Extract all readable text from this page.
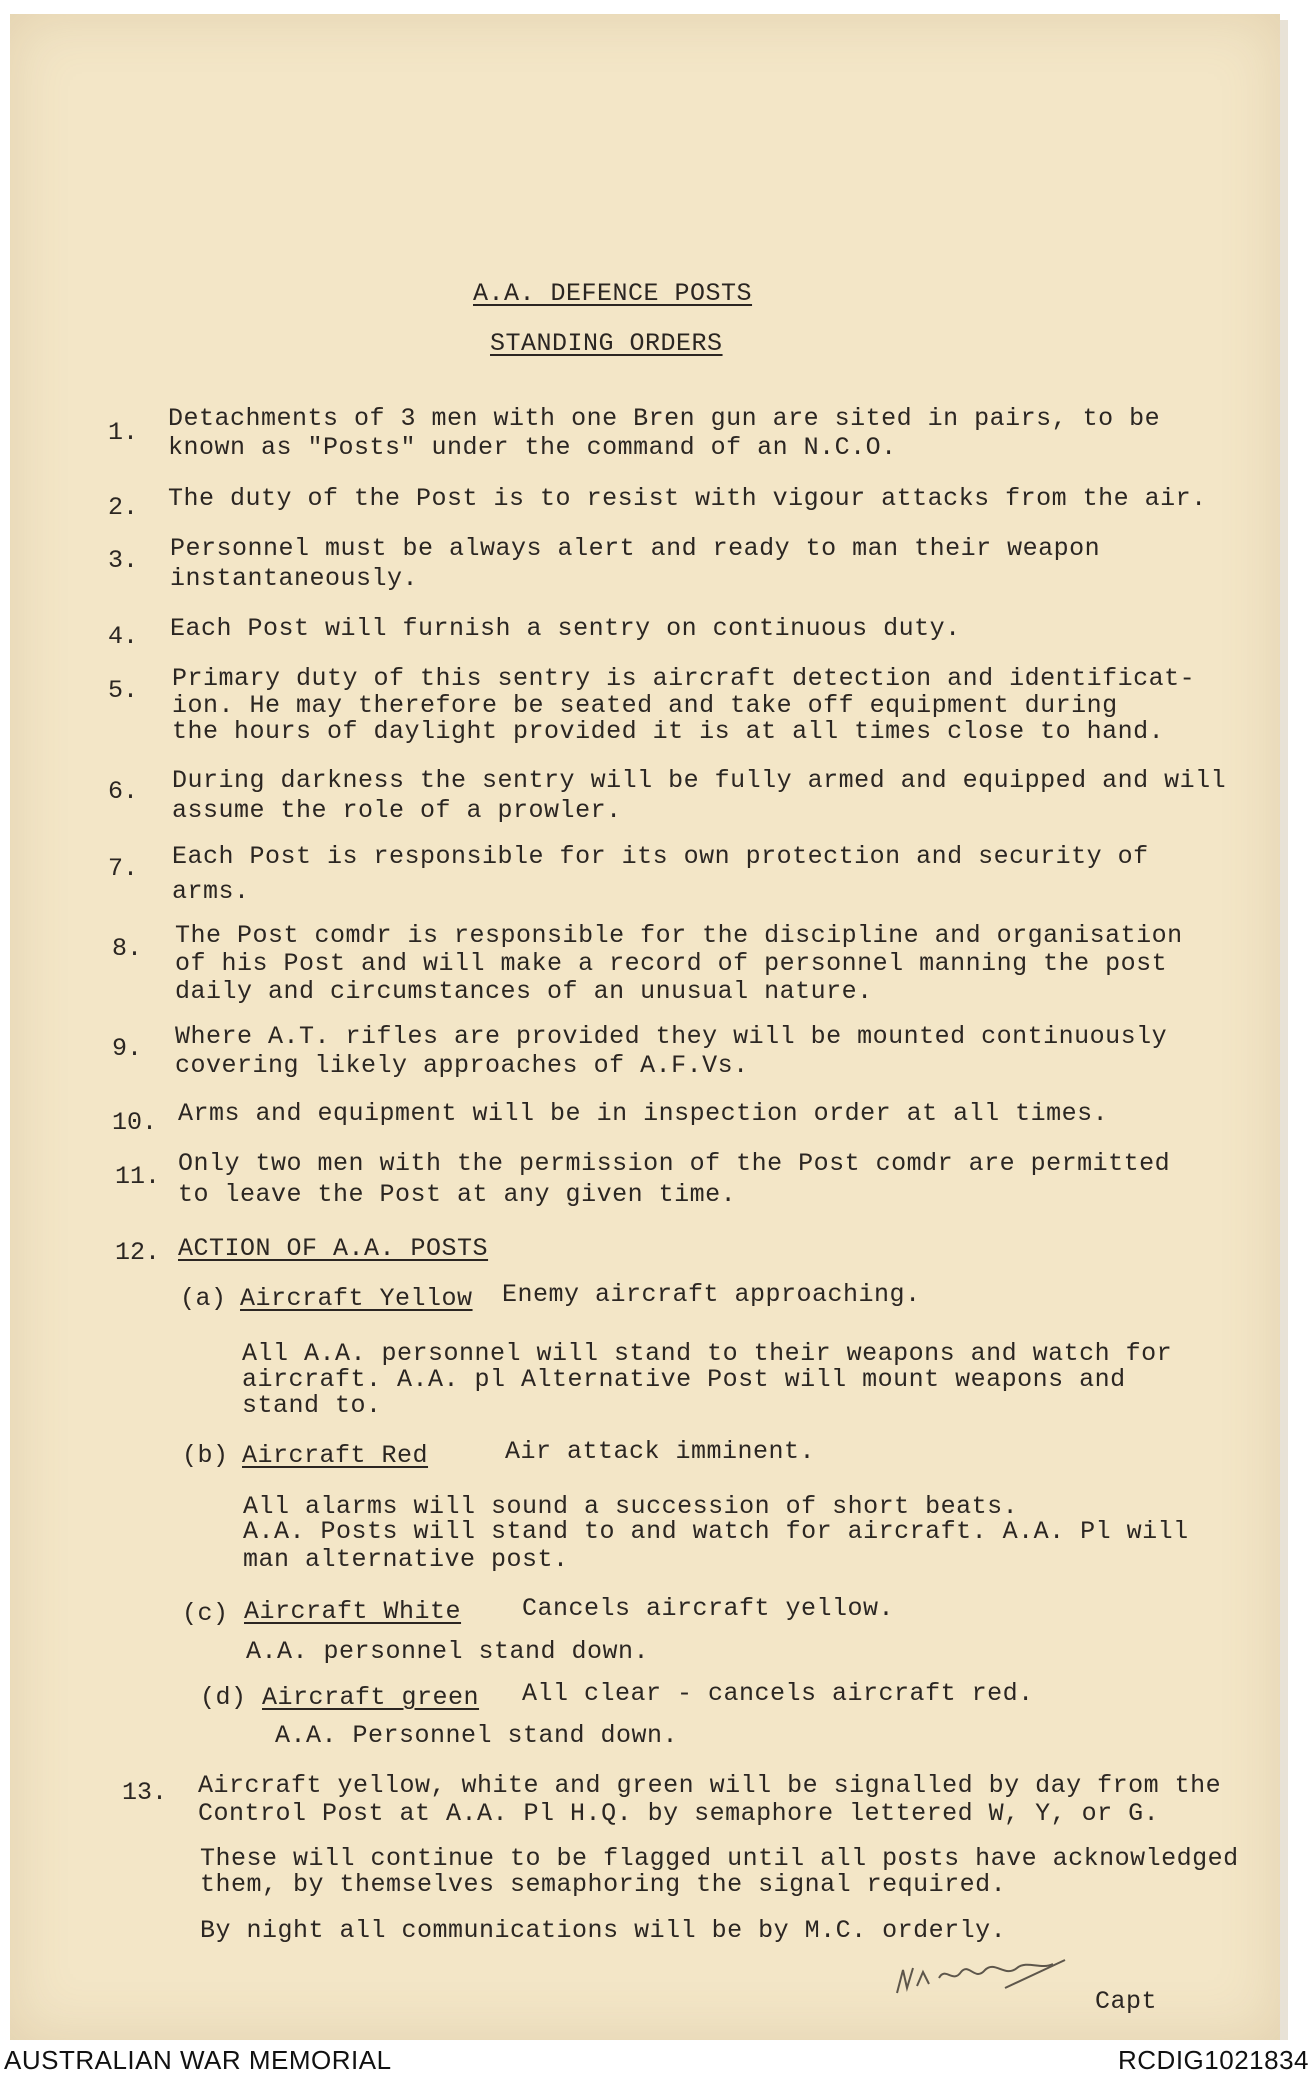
A.A. DEFENCE POSTS
STANDING ORDERS
1. Detachments of 3 men with one Bren gun are sited in pairs, to be
known as "Posts" under the command of an N.C.O.
2. The duty of the Post is to resist with vigour attacks from the air.
3. Personnel must be always alert and ready to man their weapon
instantaneously.
4. Each Post will furnish a sentry on continuous duty.
5. Primary duty of this sentry is aircraft detection and identificat-
ion. He may therefore be seated and take off equipment during
the hours of daylight provided it is at all times close to hand.
6. During darkness the sentry will be fully armed and equipped and will
assume the role of a prowler.
7. Each Post is responsible for its own protection and security of
arms.
8. The Post comdr is responsible for the discipline and organisation
of his Post and will make a record of personnel manning the post
daily and circumstances of an unusual nature.
9. Where A.T. rifles are provided they will be mounted continuously
covering likely approaches of A.F.Vs.
10. Arms and equipment will be in inspection order at all times.
11. Only two men with the permission of the Post comdr are permitted
to leave the Post at any given time.
12. ACTION OF A.A. POSTS
(a) Aircraft Yellow Enemy aircraft approaching.
All A.A. personnel will stand to their weapons and watch for
aircraft. A.A. pl Alternative Post will mount weapons and
stand to.
(b) Aircraft Red	Air attack imminent.
All alarms will sound a succession of short beats.
A.A. Posts will stand to and watch for aircraft. A.A. Pl will
man alternative post.
(c) Aircraft White Cancels aircraft yellow.
A.A. personnel stand down.
(d) Aircraft green All clear - cancels aircraft red.
A.A. Personnel stand down.
13. Aircraft yellow, white and green will be signalled by day from the
Control Post at A.A. Pl H.Q. by semaphore lettered W, Y, or G.
These will continue to be flagged until all posts have acknowledged
them, by themselves semaphoring the signal required.
By night all communications will be by M.C. orderly.
Capt
AUSTRALIAN WAR MEMORIAL	RCDIG1021834
